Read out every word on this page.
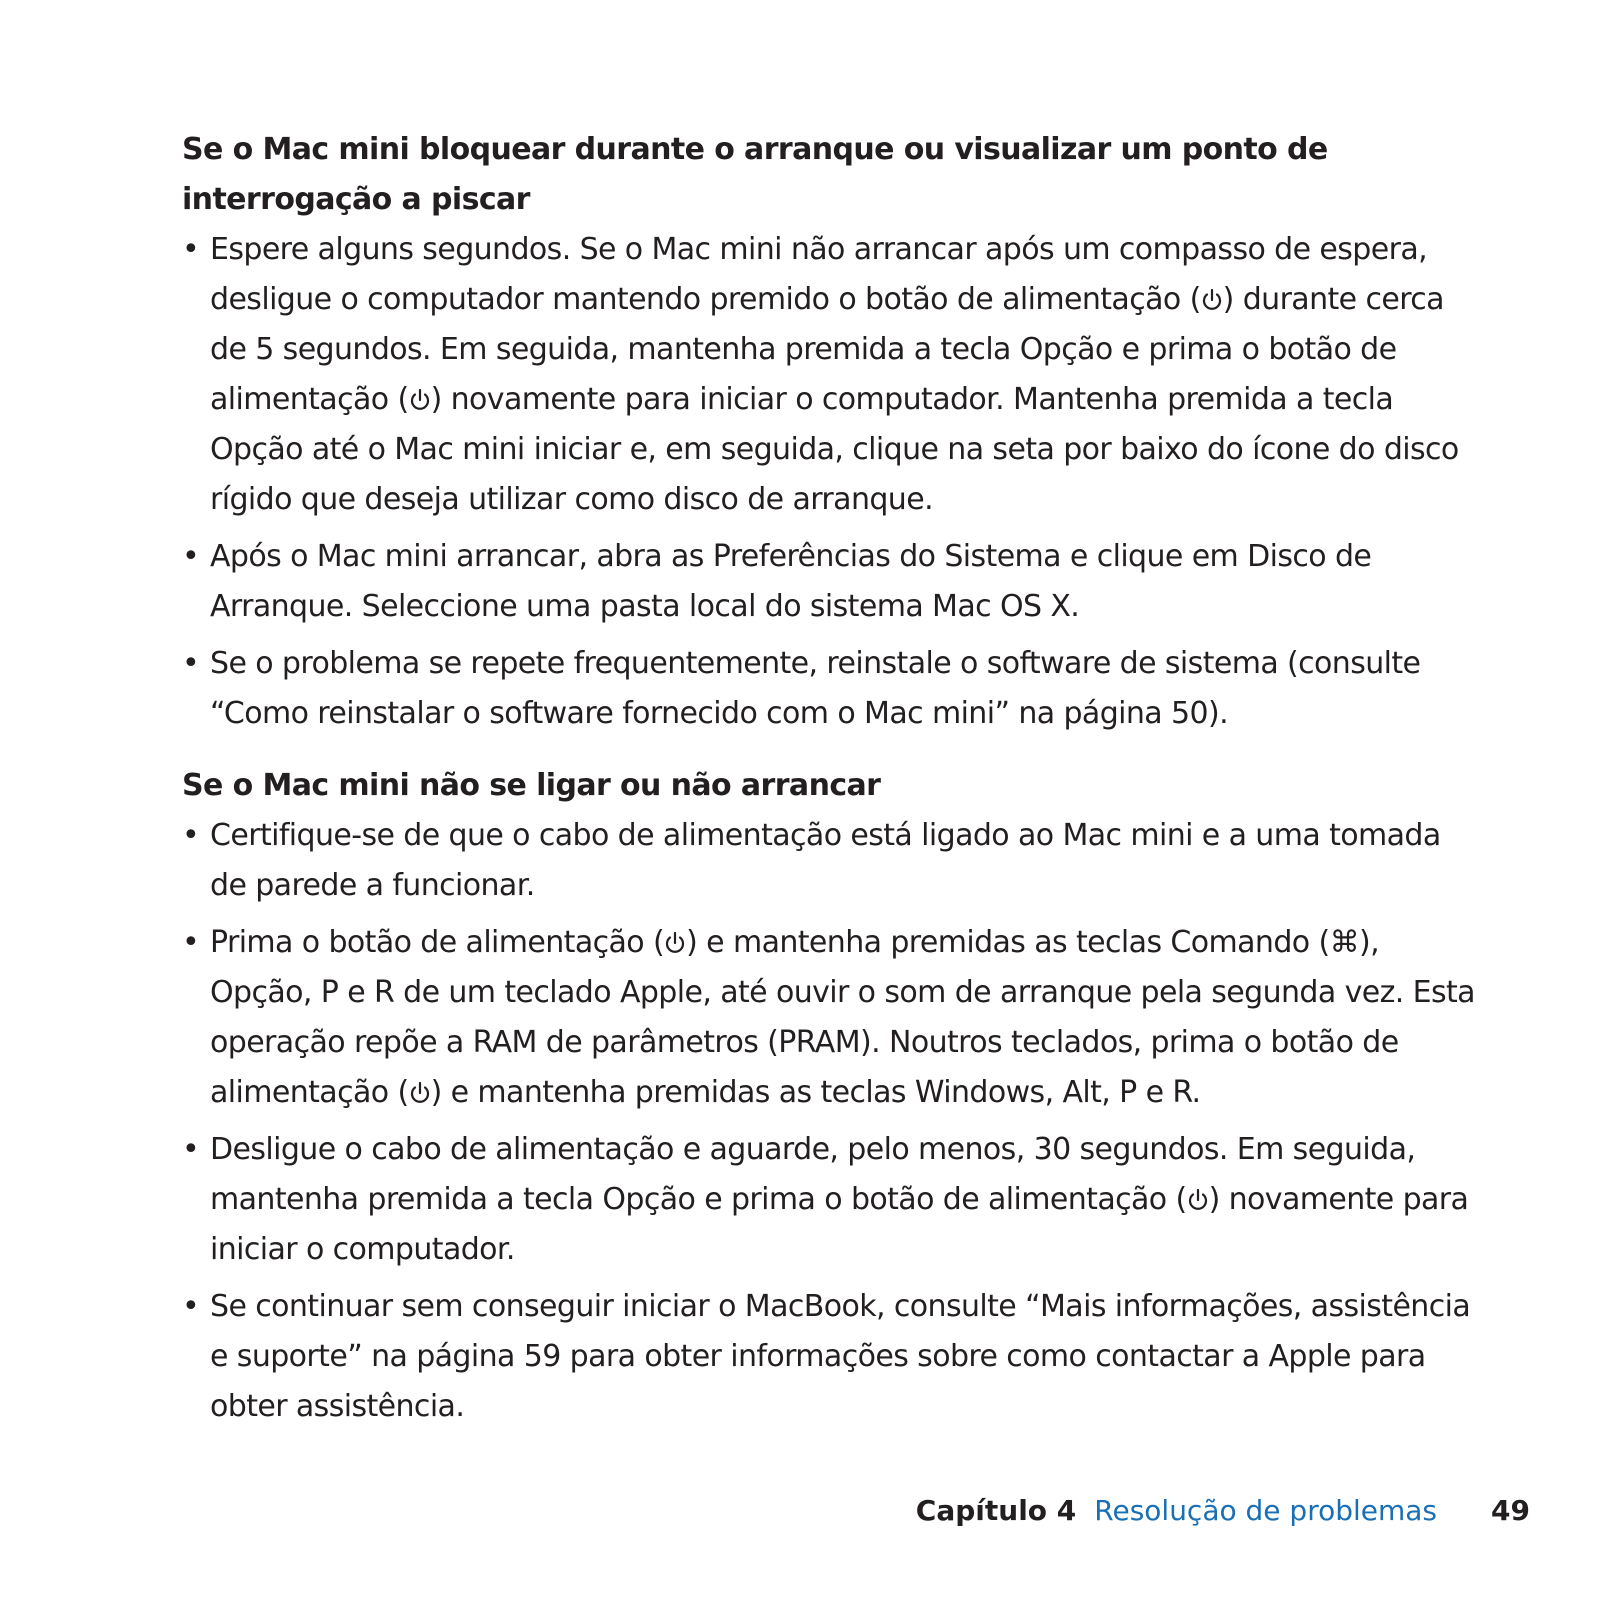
Se o Mac mini bloquear durante o arranque ou visualizar um ponto de interrogação a piscar
• Espere alguns segundos. Se o Mac mini não arrancar após um compasso de espera, desligue o computador mantendo premido o botão de alimentação ( ) durante cerca de 5 segundos. Em seguida, mantenha premida a tecla Opção e prima o botão de alimentação ( ) novamente para iniciar o computador. Mantenha premida a tecla Opção até o Mac mini iniciar e, em seguida, clique na seta por baixo do ícone do disco rígido que deseja utilizar como disco de arranque.
• Após o Mac mini arrancar, abra as Preferências do Sistema e clique em Disco de Arranque. Seleccione uma pasta local do sistema Mac OS X.
• Se o problema se repete frequentemente, reinstale o software de sistema (consulte “Como reinstalar o software fornecido com o Mac mini” na página 50).
Se o Mac mini não se ligar ou não arrancar
• Certifique-se de que o cabo de alimentação está ligado ao Mac mini e a uma tomada de parede a funcionar.
• Prima o botão de alimentação ( ) e mantenha premidas as teclas Comando (⌘), Opção, P e R de um teclado Apple, até ouvir o som de arranque pela segunda vez. Esta operação repõe a RAM de parâmetros (PRAM). Noutros teclados, prima o botão de alimentação ( ) e mantenha premidas as teclas Windows, Alt, P e R.
• Desligue o cabo de alimentação e aguarde, pelo menos, 30 segundos. Em seguida, mantenha premida a tecla Opção e prima o botão de alimentação ( ) novamente para iniciar o computador.
• Se continuar sem conseguir iniciar o MacBook, consulte “Mais informações, assistência e suporte” na página 59 para obter informações sobre como contactar a Apple para obter assistência.
Capítulo 4 Resolução de problemas 49
